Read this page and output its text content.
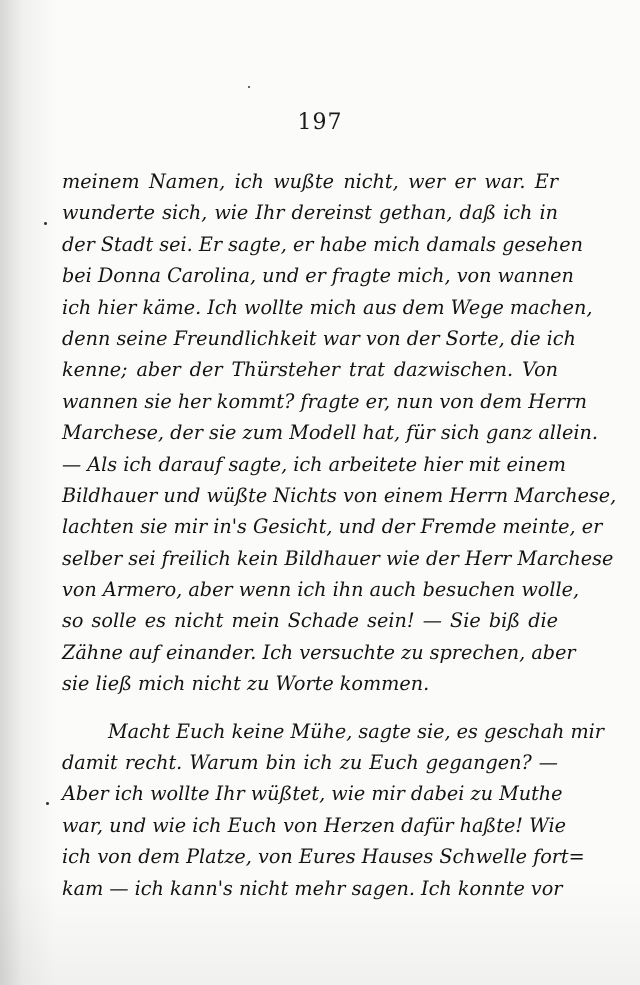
197
meinem Namen, ich wußte nicht, wer er war. Er
wunderte sich, wie Ihr dereinst gethan, daß ich in
der Stadt sei. Er sagte, er habe mich damals gesehen
bei Donna Carolina, und er fragte mich, von wannen
ich hier käme. Ich wollte mich aus dem Wege machen,
denn seine Freundlichkeit war von der Sorte, die ich
kenne; aber der Thürsteher trat dazwischen. Von
wannen sie her kommt? fragte er, nun von dem Herrn
Marchese, der sie zum Modell hat, für sich ganz allein.
— Als ich darauf sagte, ich arbeitete hier mit einem
Bildhauer und wüßte Nichts von einem Herrn Marchese,
lachten sie mir in's Gesicht, und der Fremde meinte, er
selber sei freilich kein Bildhauer wie der Herr Marchese
von Armero, aber wenn ich ihn auch besuchen wolle,
so solle es nicht mein Schade sein! — Sie biß die
Zähne auf einander. Ich versuchte zu sprechen, aber
sie ließ mich nicht zu Worte kommen.
Macht Euch keine Mühe, sagte sie, es geschah mir
damit recht. Warum bin ich zu Euch gegangen? —
Aber ich wollte Ihr wüßtet, wie mir dabei zu Muthe
war, und wie ich Euch von Herzen dafür haßte! Wie
ich von dem Platze, von Eures Hauses Schwelle fort=
kam — ich kann's nicht mehr sagen. Ich konnte vor
